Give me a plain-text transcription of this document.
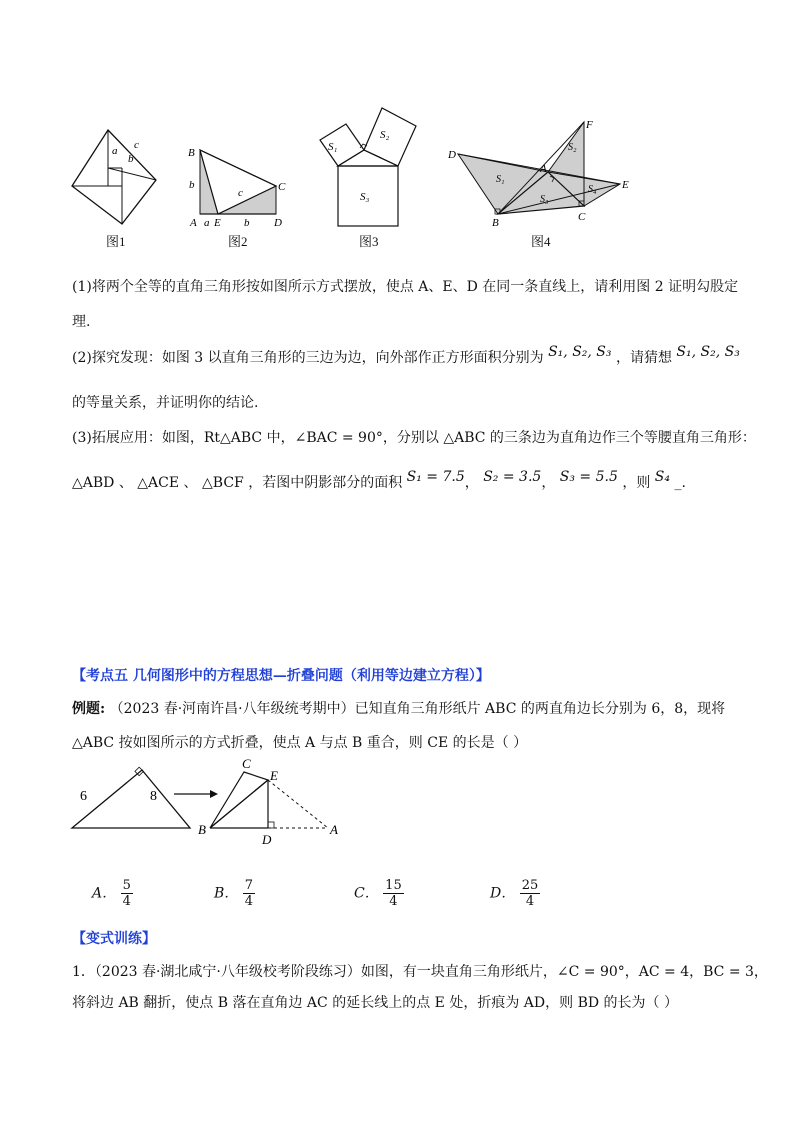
a
b
c
图1
B
b
c	C
A a E b D
图2
S₁
S₂
S₃
图3
D
F
S₂
S₁
A
S₄ E
S₃
B	C
图4
(1)将两个全等的直角三角形按如图所示方式摆放，使点 A、E、D 在同一条直线上，请利用图 2 证明勾股定
理.
(2)探究发现：如图 3 以直角三角形的三边为边，向外部作正方形面积分别为 S₁, S₂, S₃ ，请猜想 S₁, S₂, S₃
的等量关系，并证明你的结论.
(3)拓展应用：如图，Rt△ABC 中，∠BAC = 90°，分别以 △ABC 的三条边为直角边作三个等腰直角三角形：
△ABD 、 △ACE 、 △BCF ，若图中阴影部分的面积 S₁ = 7.5， S₂ = 3.5， S₃ = 5.5 ，则 S₄ _.
【考点五 几何图形中的方程思想—折叠问题（利用等边建立方程）】
例题: （2023 春·河南许昌·八年级统考期中）已知直角三角形纸片 ABC 的两直角边长分别为 6，8，现将
△ABC 按如图所示的方式折叠，使点 A 与点 B 重合，则 CE 的长是（ ）
6	8
C
E
B
D
A
A． $\frac{5}{4}$	B． $\frac{7}{4}$	C． $\frac{15}{4}$	D． $\frac{25}{4}$
【变式训练】
1．（2023 春·湖北咸宁·八年级校考阶段练习）如图，有一块直角三角形纸片，∠C = 90°，AC = 4，BC = 3，
将斜边 AB 翻折，使点 B 落在直角边 AC 的延长线上的点 E 处，折痕为 AD，则 BD 的长为（ ）
